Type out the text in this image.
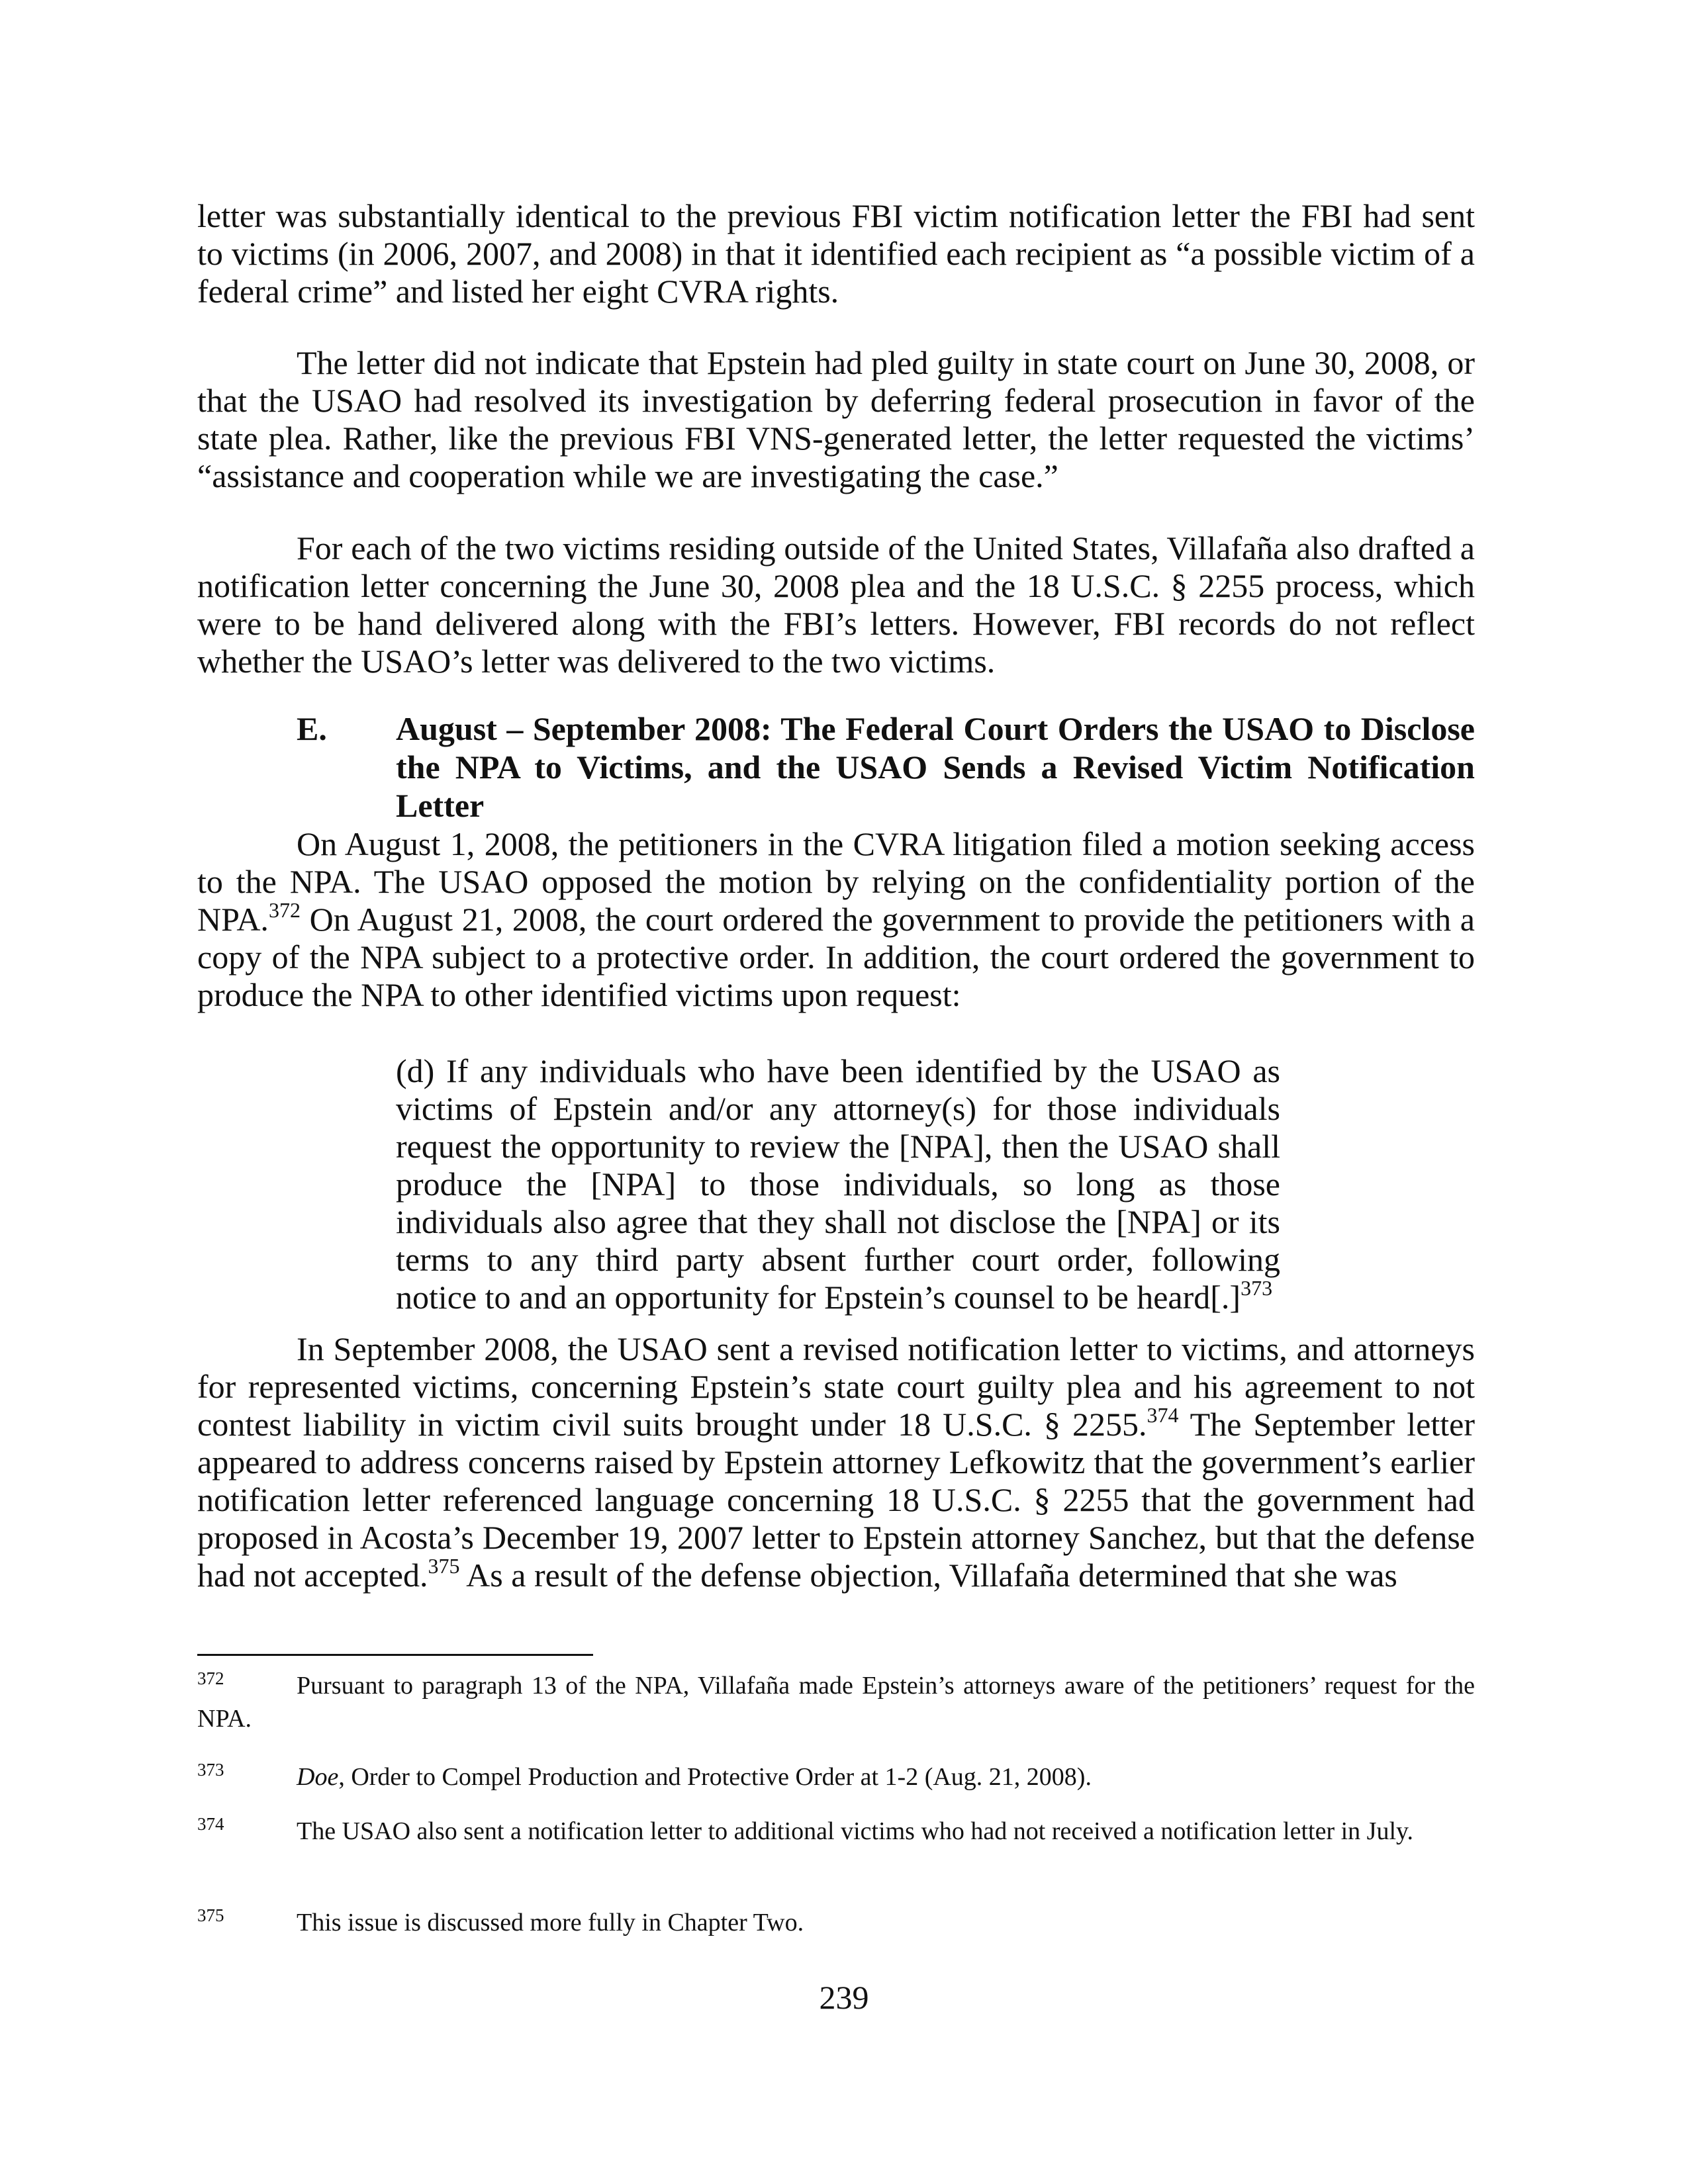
letter was substantially identical to the previous FBI victim notification letter the FBI had sent to victims (in 2006, 2007, and 2008) in that it identified each recipient as “a possible victim of a federal crime” and listed her eight CVRA rights.

The letter did not indicate that Epstein had pled guilty in state court on June 30, 2008, or that the USAO had resolved its investigation by deferring federal prosecution in favor of the state plea. Rather, like the previous FBI VNS-generated letter, the letter requested the victims’ “assistance and cooperation while we are investigating the case.”

For each of the two victims residing outside of the United States, Villafaña also drafted a notification letter concerning the June 30, 2008 plea and the 18 U.S.C. § 2255 process, which were to be hand delivered along with the FBI’s letters. However, FBI records do not reflect whether the USAO’s letter was delivered to the two victims.

E. August – September 2008: The Federal Court Orders the USAO to Disclose the NPA to Victims, and the USAO Sends a Revised Victim Notification Letter

On August 1, 2008, the petitioners in the CVRA litigation filed a motion seeking access to the NPA. The USAO opposed the motion by relying on the confidentiality portion of the NPA.$^{372}$ On August 21, 2008, the court ordered the government to provide the petitioners with a copy of the NPA subject to a protective order. In addition, the court ordered the government to produce the NPA to other identified victims upon request:

(d) If any individuals who have been identified by the USAO as victims of Epstein and/or any attorney(s) for those individuals request the opportunity to review the [NPA], then the USAO shall produce the [NPA] to those individuals, so long as those individuals also agree that they shall not disclose the [NPA] or its terms to any third party absent further court order, following notice to and an opportunity for Epstein’s counsel to be heard[.]$^{373}$

In September 2008, the USAO sent a revised notification letter to victims, and attorneys for represented victims, concerning Epstein’s state court guilty plea and his agreement to not contest liability in victim civil suits brought under 18 U.S.C. § 2255.$^{374}$ The September letter appeared to address concerns raised by Epstein attorney Lefkowitz that the government’s earlier notification letter referenced language concerning 18 U.S.C. § 2255 that the government had proposed in Acosta’s December 19, 2007 letter to Epstein attorney Sanchez, but that the defense had not accepted.$^{375}$ As a result of the defense objection, Villafaña determined that she was

372	Pursuant to paragraph 13 of the NPA, Villafaña made Epstein’s attorneys aware of the petitioners’ request for the NPA.
373	Doe, Order to Compel Production and Protective Order at 1-2 (Aug. 21, 2008).
374	The USAO also sent a notification letter to additional victims who had not received a notification letter in July.
375	This issue is discussed more fully in Chapter Two.
239
